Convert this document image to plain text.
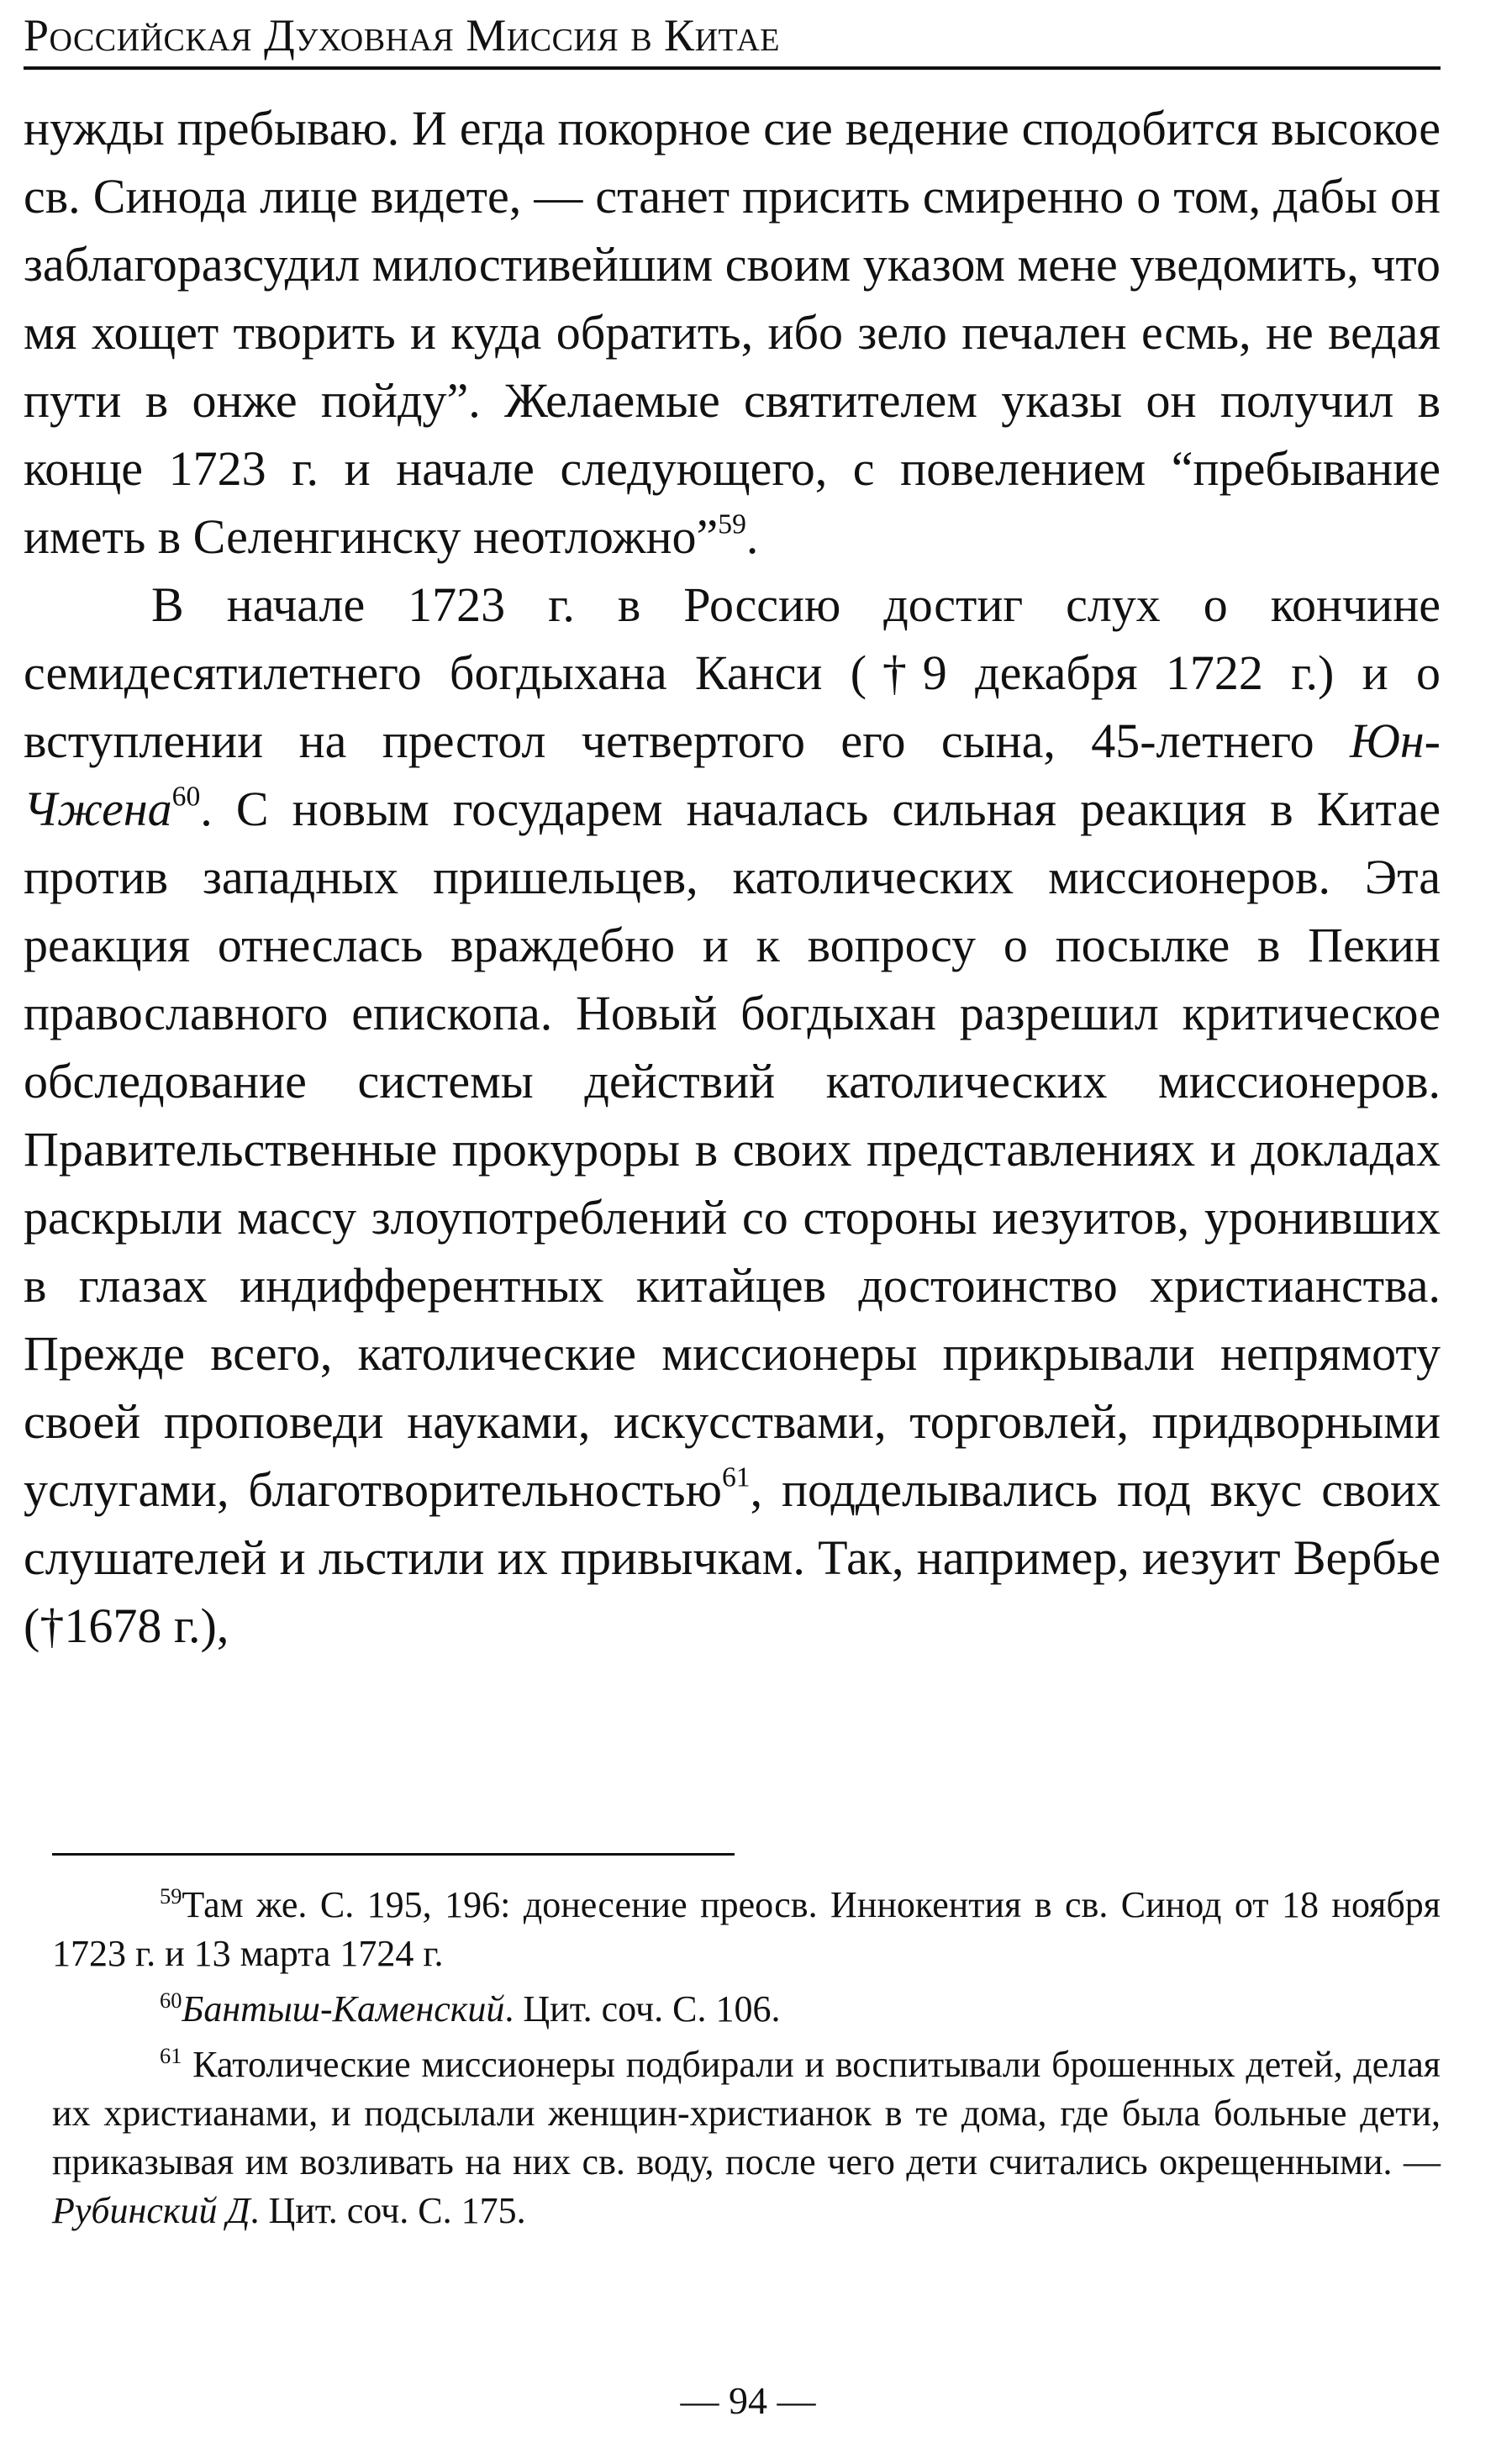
Российская Духовная Миссия в Китае

нужды пребываю. И егда покорное сие ведение сподобится высокое св. Синода лице видете, — станет присить смиренно о том, дабы он заблагоразсудил милостивейшим своим указом мене уведомить, что мя хощет творить и куда обратить, ибо зело печален есмь, не ведая пути в онже пойду”. Желаемые святителем указы он получил в конце 1723 г. и начале следующего, с повелением “пребывание иметь в Селенгинску неотложно”$^{59}$.

В начале 1723 г. в Россию достиг слух о кончине семидесятилетнего богдыхана Канси (†9 декабря 1722 г.) и о вступлении на престол четвертого его сына, 45-летнего Юн-Чжена$^{60}$. С новым государем началась сильная реакция в Китае против западных пришельцев, католических миссионеров. Эта реакция отнеслась враждебно и к вопросу о посылке в Пекин православного епископа. Новый богдыхан разрешил критическое обследование системы действий католических миссионеров. Правительственные прокуроры в своих представлениях и докладах раскрыли массу злоупотреблений со стороны иезуитов, уронивших в глазах индифферентных китайцев достоинство христианства. Прежде всего, католические миссионеры прикрывали непрямоту своей проповеди науками, искусствами, торговлей, придворными услугами, благотворительностью$^{61}$, подделывались под вкус своих слушателей и льстили их привычкам. Так, например, иезуит Вербье (†1678 г.),

$^{59}$Там же. С. 195, 196: донесение преосв. Иннокентия в св. Синод от 18 ноября 1723 г. и 13 марта 1724 г.

$^{60}$Бантыш-Каменский. Цит. соч. С. 106.

$^{61}$ Католические миссионеры подбирали и воспитывали брошенных детей, делая их христианами, и подсылали женщин-христианок в те дома, где была больные дети, приказывая им возливать на них св. воду, после чего дети считались окрещенными. — Рубинский Д. Цит. соч. С. 175.

— 94 —
